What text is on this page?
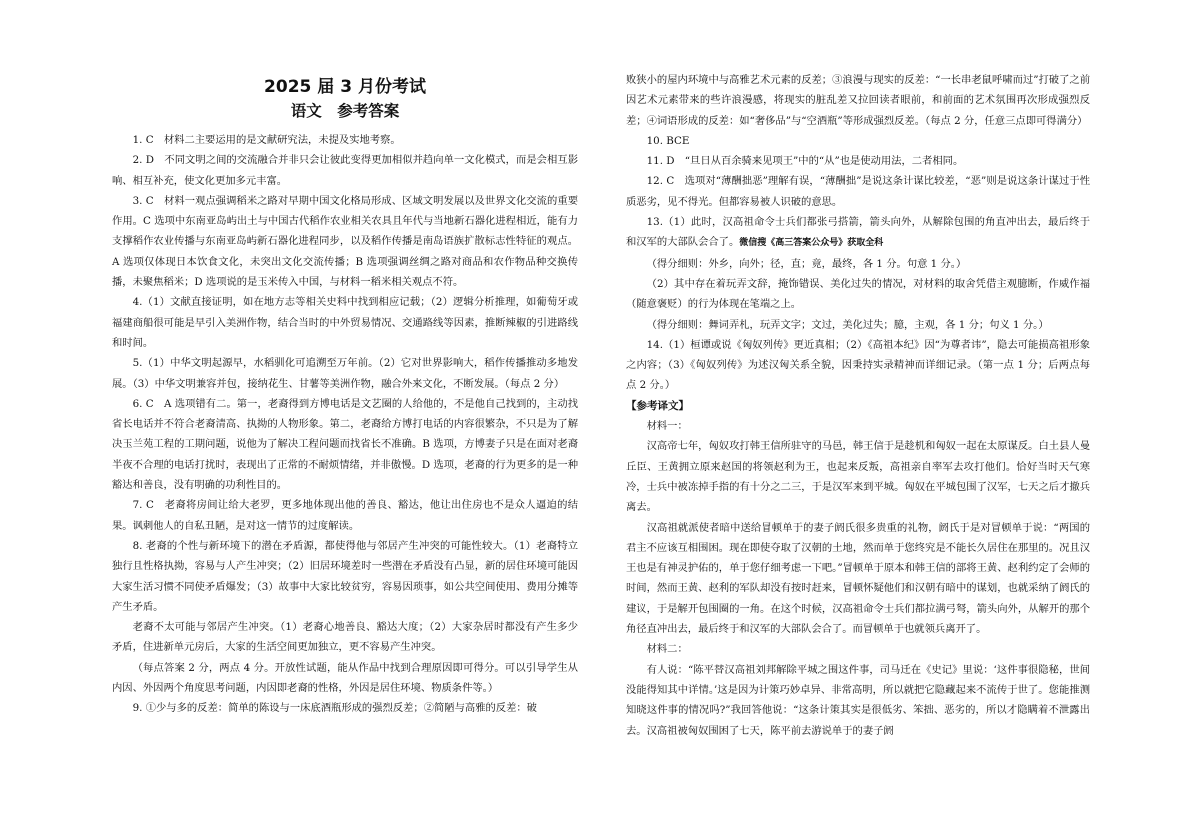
2025 届 3 月份考试
语文　参考答案

1. C　材料二主要运用的是文献研究法，未提及实地考察。

2. D　不同文明之间的交流融合并非只会让彼此变得更加相似并趋向单一文化模式，而是会相互影响、相互补充，使文化更加多元丰富。

3. C　材料一观点强调稻米之路对早期中国文化格局形成、区域文明发展以及世界文化交流的重要作用。C 选项中东南亚岛屿出土与中国古代稻作农业相关农具且年代与当地新石器化进程相近，能有力支撑稻作农业传播与东南亚岛屿新石器化进程同步，以及稻作传播是南岛语族扩散标志性特征的观点。A 选项仅体现日本饮食文化，未突出文化交流传播；B 选项强调丝绸之路对商品和农作物品种交换传播，未聚焦稻米；D 选项说的是玉米传入中国，与材料一稻米相关观点不符。

4.（1）文献直接证明，如在地方志等相关史料中找到相应记载；（2）逻辑分析推理，如葡萄牙或福建商船很可能是早引入美洲作物，结合当时的中外贸易情况、交通路线等因素，推断辣椒的引进路线和时间。

5.（1）中华文明起源早，水稻驯化可追溯至万年前。（2）它对世界影响大，稻作传播推动多地发展。（3）中华文明兼容并包，接纳花生、甘薯等美洲作物，融合外来文化，不断发展。（每点 2 分）

6. C　A 选项错有二。第一，老裔得到方博电话是文艺圈的人给他的，不是他自己找到的，主动找省长电话并不符合老裔清高、执拗的人物形象。第二，老裔给方博打电话的内容很繁杂，不只是为了解决玉兰苑工程的工期问题，说他为了解决工程问题而找省长不准确。B 选项，方博妻子只是在面对老裔半夜不合理的电话打扰时，表现出了正常的不耐烦情绪，并非傲慢。D 选项，老裔的行为更多的是一种豁达和善良，没有明确的功利性目的。

7. C　老裔将房间让给大老罗，更多地体现出他的善良、豁达，他让出住房也不是众人逼迫的结果。讽刺他人的自私丑陋，是对这一情节的过度解读。

8. 老裔的个性与新环境下的潜在矛盾源，都使得他与邻居产生冲突的可能性较大。（1）老裔特立独行且性格执拗，容易与人产生冲突；（2）旧居环境差时一些潜在矛盾没有凸显，新的居住环境可能因大家生活习惯不同使矛盾爆发；（3）故事中大家比较贫穷，容易因琐事，如公共空间使用、费用分摊等产生矛盾。

老裔不太可能与邻居产生冲突。（1）老裔心地善良、豁达大度；（2）大家杂居时都没有产生多少矛盾，住进新单元房后，大家的生活空间更加独立，更不容易产生冲突。

（每点答案 2 分，两点 4 分。开放性试题，能从作品中找到合理原因即可得分。可以引导学生从内因、外因两个角度思考问题，内因即老裔的性格，外因是居住环境、物质条件等。）

9. ①少与多的反差：简单的陈设与一床底酒瓶形成的强烈反差；②简陋与高雅的反差：破

败狭小的屋内环境中与高雅艺术元素的反差；③浪漫与现实的反差：“一长串老鼠呼啸而过”打破了之前因艺术元素带来的些许浪漫感，将现实的脏乱差又拉回读者眼前，和前面的艺术氛围再次形成强烈反差；④词语形成的反差：如“奢侈品”与“空酒瓶”等形成强烈反差。（每点 2 分，任意三点即可得满分）

10. BCE

11. D　“旦日从百余骑来见项王”中的“从”也是使动用法，二者相同。

12. C　选项对“薄酬拙恶”理解有误，“薄酬拙”是说这条计谋比较差，“恶”则是说这条计谋过于性质恶劣，见不得光。但都容易被人识破的意思。

13.（1）此时，汉高祖命令士兵们都张弓搭箭，箭头向外，从解除包围的角直冲出去，最后终于和汉军的大部队会合了。微信搜《高三答案公众号》获取全科

（得分细则：外乡，向外；径，直；竟，最终，各 1 分。句意 1 分。）

（2）其中存在着玩弄文辞，掩饰错误、美化过失的情况，对材料的取舍凭借主观臆断，作威作福（随意褒贬）的行为体现在笔端之上。

（得分细则：舞词弄札，玩弄文字；文过，美化过失；臆，主观，各 1 分；句义 1 分。）

14.（1）桓谭或说《匈奴列传》更近真相；（2）《高祖本纪》因“为尊者讳”，隐去可能损高祖形象之内容；（3）《匈奴列传》为述汉匈关系全貌，因秉持实录精神而详细记录。（第一点 1 分；后两点每点 2 分。）

【参考译文】

材料一：

汉高帝七年，匈奴攻打韩王信所驻守的马邑，韩王信于是趁机和匈奴一起在太原谋反。白土县人曼丘臣、王黄拥立原来赵国的将领赵利为王，也起来反叛，高祖亲自率军去攻打他们。恰好当时天气寒冷，士兵中被冻掉手指的有十分之二三，于是汉军来到平城。匈奴在平城包围了汉军，七天之后才撤兵离去。

汉高祖就派使者暗中送给冒顿单于的妻子阏氏很多贵重的礼物，阏氏于是对冒顿单于说：“两国的君主不应该互相围困。现在即使夺取了汉朝的土地，然而单于您终究是不能长久居住在那里的。况且汉王也是有神灵护佑的，单于您仔细考虑一下吧。”冒顿单于原本和韩王信的部将王黄、赵利约定了会师的时间，然而王黄、赵利的军队却没有按时赶来，冒顿怀疑他们和汉朝有暗中的谋划，也就采纳了阏氏的建议，于是解开包围圈的一角。在这个时候，汉高祖命令士兵们都拉满弓弩，箭头向外，从解开的那个角径直冲出去，最后终于和汉军的大部队会合了。而冒顿单于也就领兵离开了。

材料二：

有人说：“陈平替汉高祖刘邦解除平城之围这件事，司马迁在《史记》里说：‘这件事很隐秘，世间没能得知其中详情。’这是因为计策巧妙卓异、非常高明，所以就把它隐藏起来不流传于世了。您能推测知晓这件事的情况吗?”我回答他说：“这条计策其实是很低劣、笨拙、恶劣的，所以才隐瞒着不泄露出去。汉高祖被匈奴围困了七天，陈平前去游说单于的妻子阏
